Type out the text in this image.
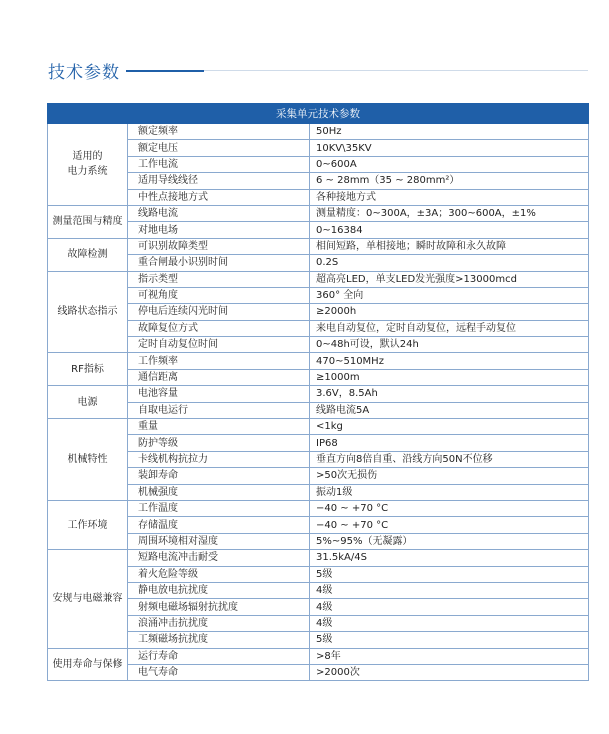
技术参数
采集单元技术参数		
适用的
电力系统	额定频率	50Hz
	额定电压	10KV\35KV
	工作电流	0~600A
	适用导线线径	6 ~ 28mm（35 ~ 280mm²）
	中性点接地方式	各种接地方式
测量范围与精度	线路电流	测量精度：0~300A，±3A；300~600A，±1%
	对地电场	0~16384
故障检测	可识别故障类型	相间短路，单相接地；瞬时故障和永久故障
	重合闸最小识别时间	0.2S
线路状态指示	指示类型	超高亮LED，单支LED发光强度>13000mcd
	可视角度	360° 全向
	停电后连续闪光时间	≥2000h
	故障复位方式	来电自动复位，定时自动复位，远程手动复位
	定时自动复位时间	0~48h可设，默认24h
RF指标	工作频率	470~510MHz
	通信距离	≥1000m
电源	电池容量	3.6V，8.5Ah
	自取电运行	线路电流5A
机械特性	重量	<1kg
	防护等级	IP68
	卡线机构抗拉力	垂直方向8倍自重、沿线方向50N不位移
	装卸寿命	>50次无损伤
	机械强度	振动1级
工作环境	工作温度	−40 ~ +70 °C
	存储温度	−40 ~ +70 °C
	周围环境相对湿度	5%~95%（无凝露）
安规与电磁兼容	短路电流冲击耐受	31.5kA/4S
	着火危险等级	5级
	静电放电抗扰度	4级
	射频电磁场辐射抗扰度	4级
	浪涌冲击抗扰度	4级
	工频磁场抗扰度	5级
使用寿命与保修	运行寿命	>8年
	电气寿命	>2000次
